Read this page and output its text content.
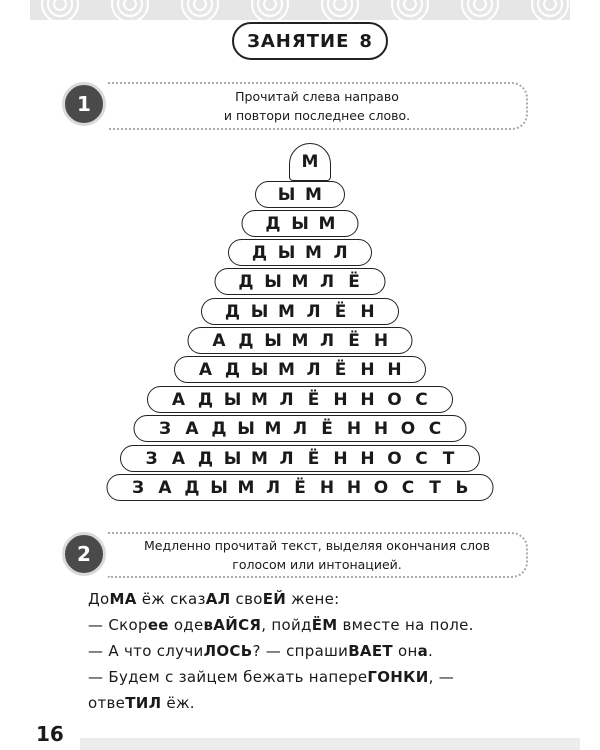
ЗАНЯТИЕ 8
1	Прочитай слева направо
и повтори последнее слово.
М
Ы М
Д Ы М
Д Ы М Л
Д Ы М Л Ё
Д Ы М Л Ё Н
А Д Ы М Л Ё Н
А Д Ы М Л Ё Н Н
А Д Ы М Л Ё Н Н О С
З А Д Ы М Л Ё Н Н О С
З А Д Ы М Л Ё Н Н О С Т
З А Д Ы М Л Ё Н Н О С Т Ь
2	Медленно прочитай текст, выделяя окончания слов
голосом или интонацией.
ДоМА ёж сказАЛ своЕЙ жене:
— Скорее одевАЙСЯ, пойдЁМ вместе на поле.
— А что случиЛОСЬ? — спрашиВАЕТ она.
— Будем с зайцем бежать напереГОНКИ, —
отвеТИЛ ёж.
16
